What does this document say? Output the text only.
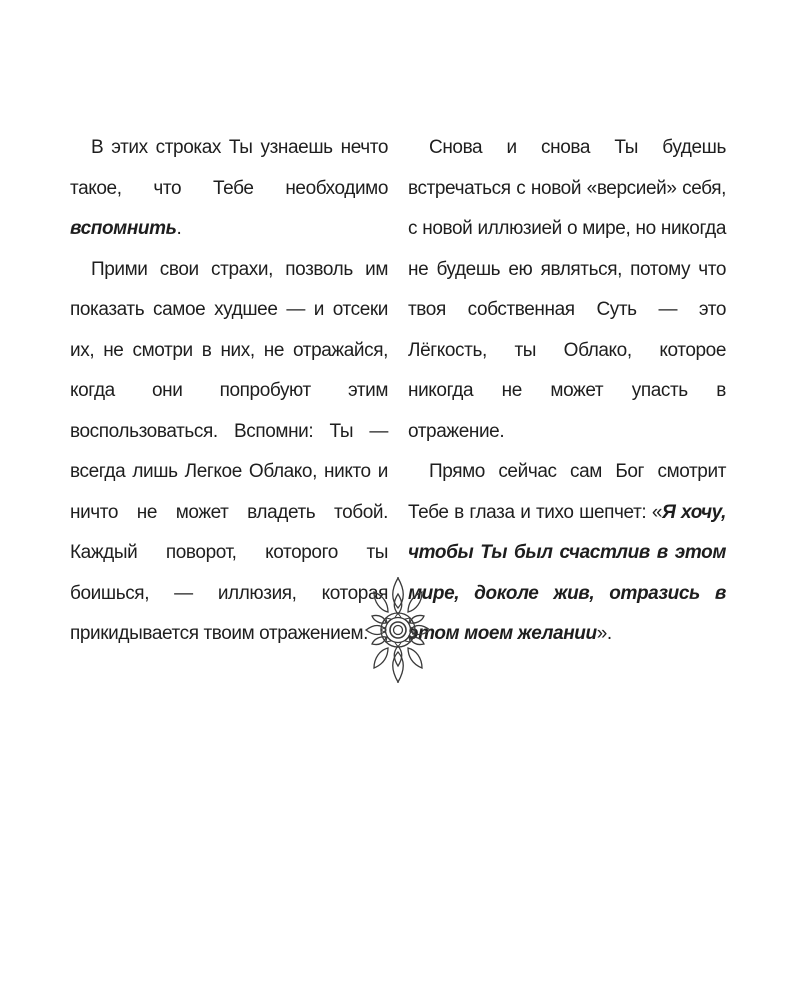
В этих строках Ты узнаешь нечто такое, что Тебе необходимо вспомнить.

Прими свои страхи, позволь им показать самое худшее — и отсеки их, не смотри в них, не отражайся, когда они попробуют этим воспользоваться. Вспомни: Ты — всегда лишь Легкое Облако, никто и ничто не может владеть тобой. Каждый поворот, которого ты боишься, — иллюзия, которая прикидывается твоим отражением.

Снова и снова Ты будешь встречаться с новой «версией» себя, с новой иллюзией о мире, но никогда не будешь ею являться, потому что твоя собственная Суть — это Лёгкость, ты Облако, которое никогда не может упасть в отражение.

Прямо сейчас сам Бог смотрит Тебе в глаза и тихо шепчет: «Я хочу, чтобы Ты был счастлив в этом мире, доколе жив, отразись в этом моем желании».
